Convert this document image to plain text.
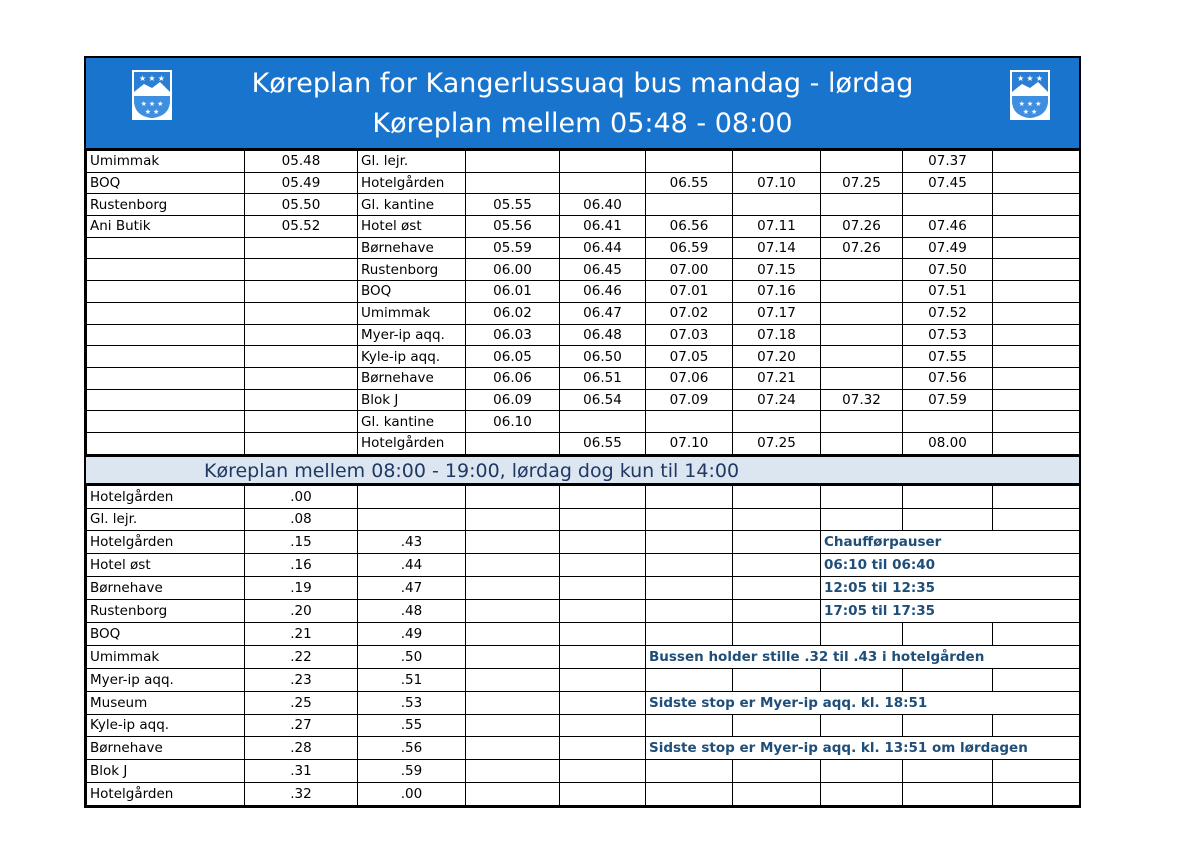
★ ★ ★
★ ★ ★
★ ★
Køreplan for Kangerlussuaq bus mandag - lørdag
Køreplan mellem 05:48 - 08:00
★ ★ ★
★ ★ ★
★ ★
Umimmak	05.48	Gl. lejr.						07.37	
BOQ	05.49	Hotelgården			06.55	07.10	07.25	07.45	
Rustenborg	05.50	Gl. kantine	05.55	06.40					
Ani Butik	05.52	Hotel øst	05.56	06.41	06.56	07.11	07.26	07.46	
		Børnehave	05.59	06.44	06.59	07.14	07.26	07.49	
		Rustenborg	06.00	06.45	07.00	07.15		07.50	
		BOQ	06.01	06.46	07.01	07.16		07.51	
		Umimmak	06.02	06.47	07.02	07.17		07.52	
		Myer-ip aqq.	06.03	06.48	07.03	07.18		07.53	
		Kyle-ip aqq.	06.05	06.50	07.05	07.20		07.55	
		Børnehave	06.06	06.51	07.06	07.21		07.56	
		Blok J	06.09	06.54	07.09	07.24	07.32	07.59	
		Gl. kantine	06.10						
		Hotelgården		06.55	07.10	07.25		08.00	
Køreplan mellem 08:00 - 19:00, lørdag dog kun til 14:00
Hotelgården	.00								
Gl. lejr.	.08								
Hotelgården	.15	.43					Chaufførpauser		
Hotel øst	.16	.44					06:10 til 06:40		
Børnehave	.19	.47					12:05 til 12:35		
Rustenborg	.20	.48					17:05 til 17:35		
BOQ	.21	.49							
Umimmak	.22	.50			Bussen holder stille .32 til .43 i hotelgården				
Myer-ip aqq.	.23	.51							
Museum	.25	.53			Sidste stop er Myer-ip aqq. kl. 18:51				
Kyle-ip aqq.	.27	.55							
Børnehave	.28	.56			Sidste stop er Myer-ip aqq. kl. 13:51 om lørdagen				
Blok J	.31	.59							
Hotelgården	.32	.00							
